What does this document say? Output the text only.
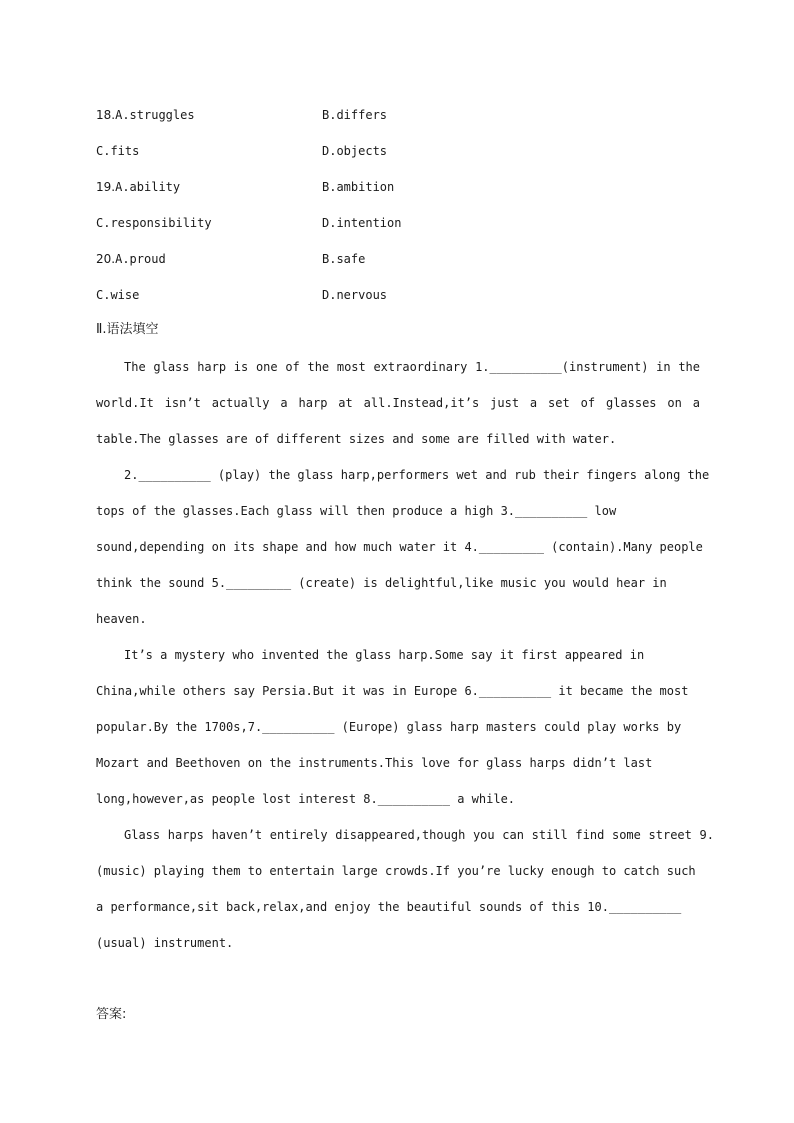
18.A.struggles	B.differs
C.fits	D.objects
19.A.ability	B.ambition
C.responsibility	D.intention
20.A.proud	B.safe
C.wise	D.nervous
Ⅱ.语法填空
The glass harp is one of the most extraordinary 1.__________(instrument) in the
world.It isn’t actually a harp at all.Instead,it’s just a set of glasses on a
table.The glasses are of different sizes and some are filled with water.
2.__________ (play) the glass harp,performers wet and rub their fingers along the
tops of the glasses.Each glass will then produce a high 3.__________ low
sound,depending on its shape and how much water it 4._________ (contain).Many people
think the sound 5._________ (create) is delightful,like music you would hear in
heaven.
It’s a mystery who invented the glass harp.Some say it first appeared in
China,while others say Persia.But it was in Europe 6.__________ it became the most
popular.By the 1700s,7.__________ (Europe) glass harp masters could play works by
Mozart and Beethoven on the instruments.This love for glass harps didn’t last
long,however,as people lost interest 8.__________ a while.
Glass harps haven’t entirely disappeared,though you can still find some street 9.
(music) playing them to entertain large crowds.If you’re lucky enough to catch such
a performance,sit back,relax,and enjoy the beautiful sounds of this 10.__________
(usual) instrument.
答案:
